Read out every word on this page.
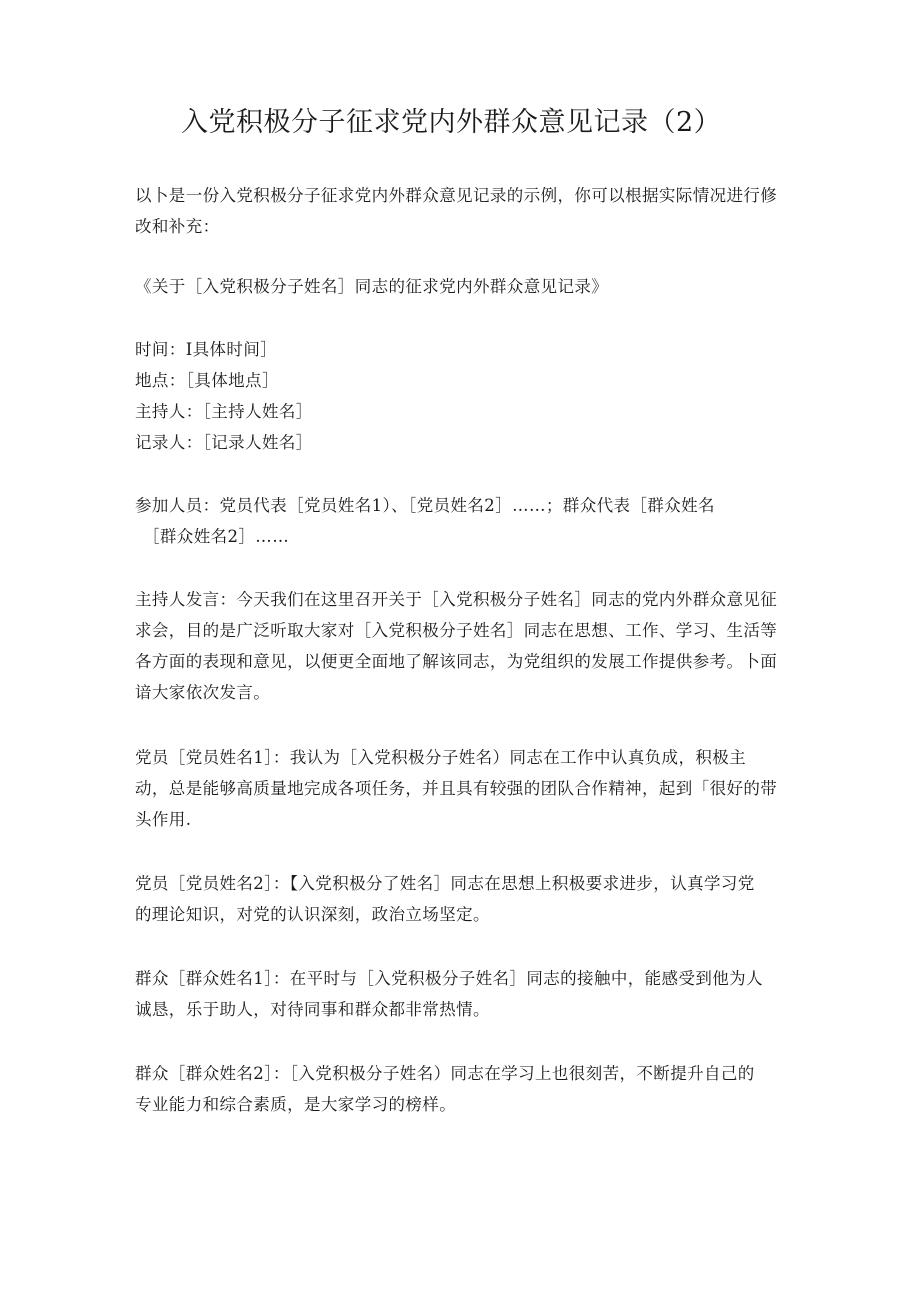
入党积极分子征求党内外群众意见记录（2）

以卜是一份入党积极分子征求党内外群众意见记录的示例，你可以根据实际情况进行修
改和补充：

《关于［入党积极分子姓名］同志的征求党内外群众意见记录》

时间：I具体时间］
地点：［具体地点］
主持人：［主持人姓名］
记录人：［记录人姓名］

参加人员：党员代表［党员姓名1）、［党员姓名2］……；群众代表［群众姓名
［群众姓名2］……

主持人发言：今天我们在这里召开关于［入党积极分子姓名］同志的党内外群众意见征
求会，目的是广泛听取大家对［入党积极分子姓名］同志在思想、工作、学习、生活等
各方面的表现和意见，以便更全面地了解该同志，为党组织的发展工作提供参考。卜面
谙大家依次发言。

党员［党员姓名1］：我认为［入党积极分子姓名）同志在工作中认真负成，积极主
动，总是能够高质量地完成各项任务，并且具有较强的团队合作精神，起到「很好的带
头作用.

党员［党员姓名2］：【入党积极分了姓名］同志在思想上积极要求进步，认真学习党
的理论知识，对党的认识深刻，政治立场坚定。

群众［群众姓名1］：在平时与［入党积极分子姓名］同志的接触中，能感受到他为人
诚恳，乐于助人，对待同事和群众都非常热情。

群众［群众姓名2］：［入党积极分子姓名）同志在学习上也很刻苦，不断提升自己的
专业能力和综合素质，是大家学习的榜样。
